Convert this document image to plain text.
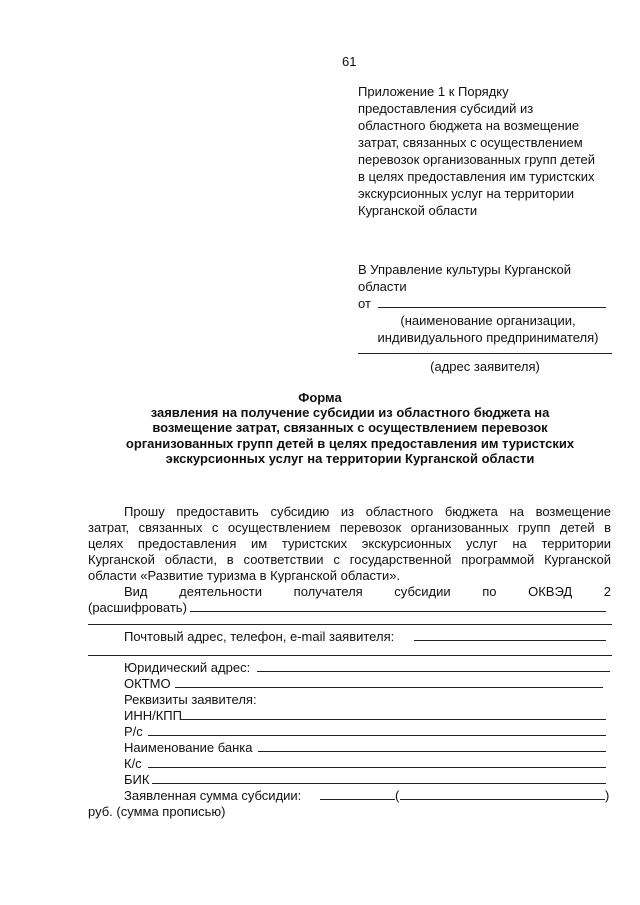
61
Приложение 1 к Порядку
предоставления субсидий из
областного бюджета на возмещение
затрат, связанных с осуществлением
перевозок организованных групп детей
в целях предоставления им туристских
экскурсионных услуг на территории
Курганской области
В Управление культуры Курганской
области
от
(наименование организации,
индивидуального предпринимателя)
(адрес заявителя)
Форма
заявления на получение субсидии из областного бюджета на
возмещение затрат, связанных с осуществлением перевозок
организованных групп детей в целях предоставления им туристских
экскурсионных услуг на территории Курганской области
Прошу предоставить субсидию из областного бюджета на возмещение
затрат, связанных с осуществлением перевозок организованных групп детей в
целях предоставления им туристских экскурсионных услуг на территории
Курганской области, в соответствии с государственной программой Курганской
области «Развитие туризма в Курганской области».
Вид деятельности получателя субсидии по ОКВЭД 2
(расшифровать)
Почтовый адрес, телефон, e-mail заявителя:
Юридический адрес:
ОКТМО
Реквизиты заявителя:
ИНН/КПП
Р/с
Наименование банка
К/с
БИК
Заявленная сумма субсидии:	(	)
руб. (сумма прописью)
